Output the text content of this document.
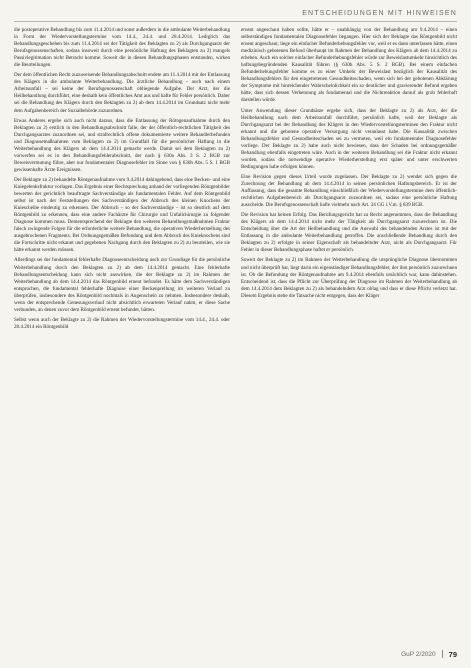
ENTSCHEIDUNGEN MIT HINWEISEN

die postoperative Behandlung bis zum 11.4.2014 und sonst außerdem in die ambulante Weiterbehandlung in Form der Wiedervorstellungstermine vom 14.4., 24.4. und 28.4.2014. Lediglich das Behandlungsgeschehen bis zum 11.4.2014 sei der Tätigkeit des Beklagten zu 2) als Durchgangsarzt der Berufsgenossenschaften, sodass insoweit durch eine persönliche Haftung des Beklagten zu 2) mangels Passivlegitimation nicht Betracht komme. Soweit die in diesen Behandlungsphasen entstanden, wirken die Beurteilungen.

Der dem öffentlichen Recht zuzuweisende Behandlungsabschnitt endete am 11.4.2014 mit der Entlassung des Klägers in die ambulante Weiterbehandlung. Die ärztliche Behandlung – auch nach einem Arbeitsunfall – sei keine der Berufsgenossenschaft obliegende Aufgabe. Der Arzt, der die Heilbehandlung durchführt, eine deshalb kein öffentliches Amt aus und hafte für Fehler persönlich. Daher sei die Behandlung des Klägers durch den Beklagten zu 2) ab dem 14.4.2014 im Grundsatz nicht mehr dem Aufgabenbereich der Sozialbehörde zuzuordnen.

Etwas Anderes ergebe sich auch nicht daraus, dass die Entlassung der Rötngenaufnahme durch den Beklagten zu 2) erstlich in den Behandlungsabschnitt falle, der der öffentlich-rechtlichen Tätigkeit des Durchgangsarztes zuzuordnen sei, und strafrechtlich offene dokumentierte weitere Behandlerbefunden und Diagnosemaßnahmen vom Beklagten zu 2) im Grundfall für die persönlicher Haftung in die Weiterbehandlung des Klägers ab dem 14.4.2014 gemacht werde. Damit sei dem Beklagten zu 2) vorwerfen sei es in den Behandlungsfehlerabschnitt, der nach § 630a Abs. 3 S. 2 BGB zur Beweisvermutung führe, aber nur fundamentaler Diagnosefehler im Sinne von § 630h Abs. 5 S. 1 BGB gewissenhafte Ärzte Ereignissen.

Der Beklagte zu 2) behandelte Röntgenaufnahme vom 9.4.2014 dahingehend, dass eine Becken- und eine Kniegelenksfraktur vorlagen. Das Ergebnis einer Rechtsprechung anhand der vorliegenden Röntgenbilder bewerten der gerichtlich beauftragte Sachverständige als fundamentalen Fehler. Auf dem Röntgenbild selbst ist nach der Feststellungen des Sachverständigen der Abbruch des kleinen Knochens der Kniescheibe eindeutig zu erkennen. Der Abbruch – so der Sachverständige – ist so deutlich auf dem Röntgenbild zu erkennen, dass eine andere Fachärzte für Chirurgie und Unfallchirurgie zu folgender Diagnose kommen muss. Dementsprechend der Beklagte den weiteren Behandlungsmaßnahmen Fraktur falsch zwingende Folgen für die erforderliche weitere Behandlung, die operativen Wiederherstellung des ausgebrochenen Fragments. Bei Ordnungsgemäßen Befundung und dem Abbruch des Knieknochens sind die Fortschritte nicht erkannt und gegebenen Nachgang durch den Beklagten zu 2) zu beurteilen, wie sie hätte erkannt werden müssen.

Allerdings sei der fundamental fehlerhafte Diagnoseentscheidung auch zur Grundlage für die persönliche Weiterbehandlung durch den Beklagten zu 2) ab dem 14.4.2014 gemacht. Eine fehlerhafte Behandlungsentscheidung kann sich nicht auswirken, die der Beklagte zu 2) im Rahmen der Weiterbehandlung ab dem 14.4.2014 das Röntgenbild erneut befundet. Es hätte dem Sachverständigen entsprochen, die fundamental fehlerhafte Diagnose einer Beckenprellung im weiteren Verlauf zu überprüfen, insbesondere des Röntgenbild nochmals in Augenschein zu nehmen. Insbesondere deshalb, wenn der entsprechende Genesungsverlauf nicht absichtlich erwarteten Verlauf nahm, er diese Sache verbunden, an denen zuvor dem Röntgenbild erneut befundet, hätten.

Selbst wenn auch der Beklagte zu 2) die Rahmen der Wiedervorstellungstermine vom 14.4., 24.4. oder 28.4.2014 ein Röntgenbild

erneut angeschaut haben sollte, hätte er – unabhängig von der Behandlung am 9.4.2014 – einen selbstständigen fundamentalen Diagnosefehler begangen. Hier sich der Beklagte das Röntgenbild nicht erneut angeschaut, liege ein einfacher Befunderhebungsfehler vor, weil er es dann unterlassen hätte, einen medizinisch gebotenen Befund überhaupt im Rahmen der Behandlung des Klägers ab dem 14.4.2014 zu erheben. Auch ein solcher einfacher Befunderhebungsfehler würde zur Beweislastumkehr hinsichtlich des haftungsbegründenden Kausalität führen (§ 630h Abs. 5 S. 2 BGB). Bei einem einfachen Befunderhebungsfehler komme es zu einer Umkehr der Beweislast bezüglich der Kausalität des Behandlungsfehlers für den eingetretenen Gesundheitsschaden, wenn sich bei der gebotenen Abklärung der Symptome mit hinreichender Wahrscheinlichkeit ein so deutlicher und gravierender Befund ergeben hätte, dass sich dessen Verkennung als fundamental und die Nichtreaktion darauf als grob fehlerhaft darstellen würde.

Unter Anwendung dieser Grundsätze ergebe sich, dass der Beklagte zu 2) als Arzt, der die Heilbehandlung nach dem Arbeitsunfall durchführt, persönlich hafte, weil der Beklagte als Durchgangsarzt bei der Behandlung des Klägers in den Wiedervorstellungsterminen den Fraktur nicht erkannt und die gebotene operative Versorgung nicht veranlasst habe. Die Kausalität zwischen Behandlungsfehler und Gesundheitsschaden sei zu vermuten, weil ein fundamentaler Diagnosefehler vorliege. Der Beklagte zu 2) habe auch nicht bewiesen, dass der Schaden bei ordnungsgemäßer Behandlung ebenfalls eingetreten wäre. Auch in der weiteren Behandlung sei die Fraktur nicht erkannt worden, sodass die notwendige operative Wiederherstellung erst später und unter erschwerten Bedingungen habe erfolgen können.

Eine Revision gegen dieses Urteil wurde zugelassen. Der Beklagte zu 2) wendet sich gegen die Zurechnung der Behandlung ab dem 14.4.2014 in seinen persönlichen Haftungsbereich. Er ist der Auffassung, dass die gesamte Behandlung einschließlich der Wiedervorstellungstermine dem öffentlich-rechtlichen Aufgabenbereich als Durchgangsarzt zuzuordnen sei, sodass eine persönliche Haftung ausscheide. Die Berufsgenossenschaft hafte vielmehr nach Art. 34 GG i.V.m. § 839 BGB.

Die Revision hat keinen Erfolg. Das Berufungsgericht hat zu Recht angenommen, dass die Behandlung des Klägers ab dem 14.4.2014 nicht mehr der Tätigkeit als Durchgangsarzt zuzurechnen ist. Die Entscheidung über die Art der Heilbehandlung und die Auswahl des behandelnden Arztes ist mit der Entlassung in die ambulante Weiterbehandlung getroffen. Die anschließende Behandlung durch den Beklagten zu 2) erfolgte in seiner Eigenschaft als behandelnder Arzt, nicht als Durchgangsarzt. Für Fehler in dieser Behandlungsphase haftet er persönlich.

Soweit der Beklagte zu 2) im Rahmen der Weiterbehandlung die ursprüngliche Diagnose übernommen und nicht überprüft hat, liegt darin ein eigenständiger Behandlungsfehler, der ihm persönlich zuzurechnen ist. Ob die Befundung der Röntgenaufnahme am 9.4.2014 ebenfalls ursächlich war, kann dahinstehen. Entscheidend ist, dass die Pflicht zur Überprüfung der Diagnose im Rahmen der Weiterbehandlung ab dem 14.4.2014 dem Beklagten zu 2) als behandelndem Arzt oblag und dass er diese Pflicht verletzt hat. Diesem Ergebnis stehe die Tatsache nicht entgegen, dass der Kläger

GuP 2/2020 79
